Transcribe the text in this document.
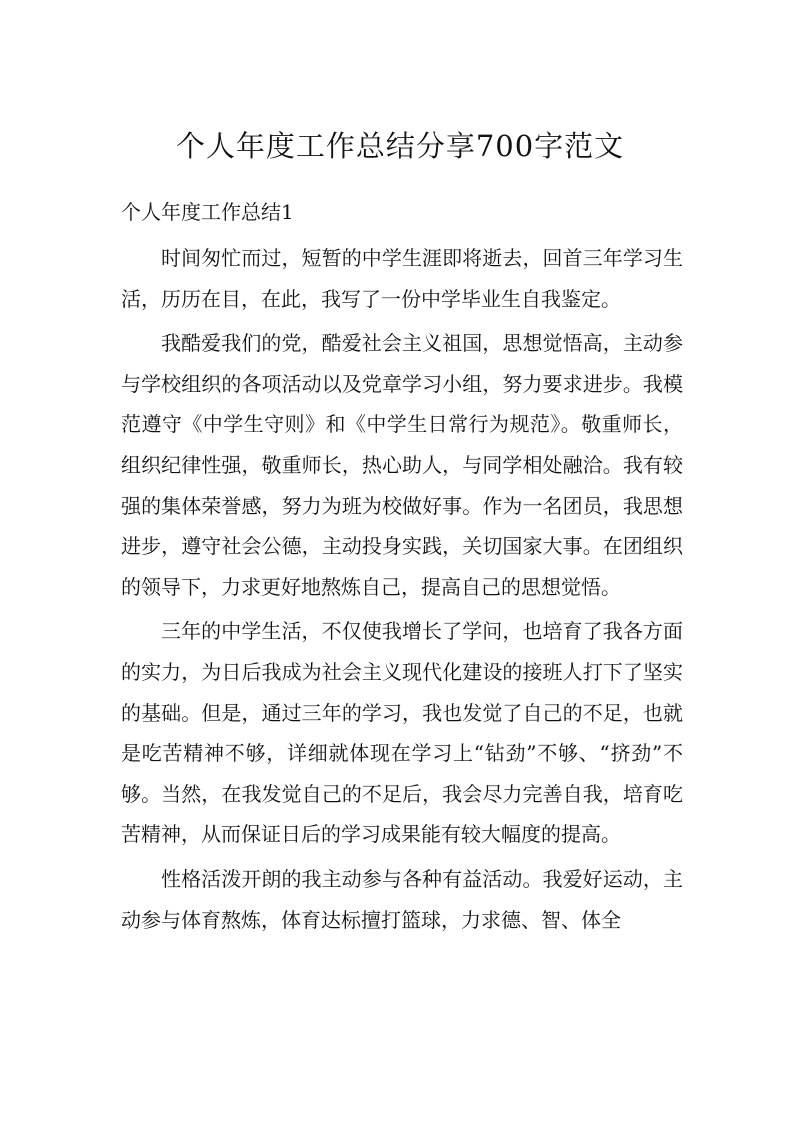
个人年度工作总结分享700字范文
个人年度工作总结1

时间匆忙而过，短暂的中学生涯即将逝去，回首三年学习生活，历历在目，在此，我写了一份中学毕业生自我鉴定。

我酷爱我们的党，酷爱社会主义祖国，思想觉悟高，主动参与学校组织的各项活动以及党章学习小组，努力要求进步。我模范遵守《中学生守则》和《中学生日常行为规范》。敬重师长，组织纪律性强，敬重师长，热心助人，与同学相处融洽。我有较强的集体荣誉感，努力为班为校做好事。作为一名团员，我思想进步，遵守社会公德，主动投身实践，关切国家大事。在团组织的领导下，力求更好地熬炼自己，提高自己的思想觉悟。

三年的中学生活，不仅使我增长了学问，也培育了我各方面的实力，为日后我成为社会主义现代化建设的接班人打下了坚实的基础。但是，通过三年的学习，我也发觉了自己的不足，也就是吃苦精神不够，详细就体现在学习上“钻劲”不够、“挤劲”不够。当然，在我发觉自己的不足后，我会尽力完善自我，培育吃苦精神，从而保证日后的学习成果能有较大幅度的提高。

性格活泼开朗的我主动参与各种有益活动。我爱好运动，主动参与体育熬炼，体育达标擅打篮球，力求德、智、体全
